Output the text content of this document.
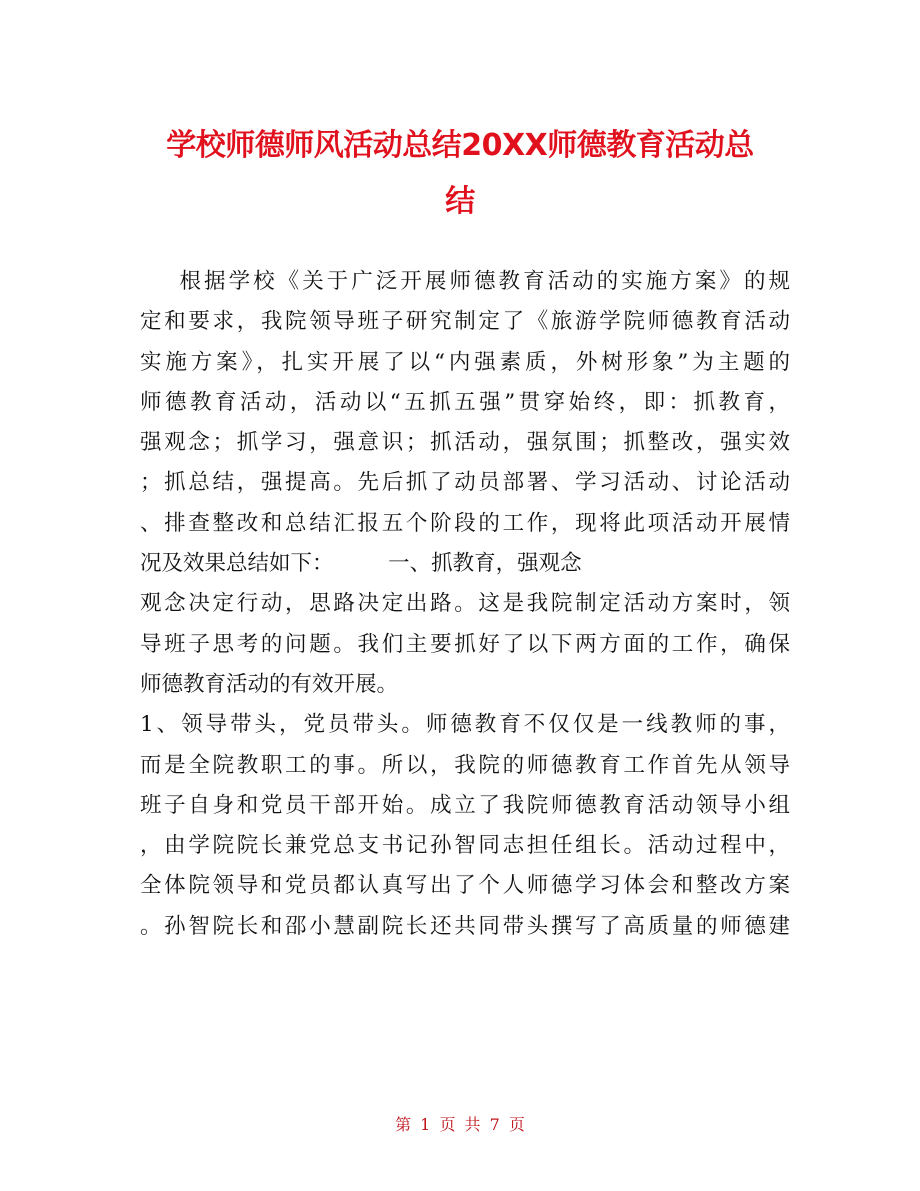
学校师德师风活动总结20XX师德教育活动总
结
根据学校《关于广泛开展师德教育活动的实施方案》的规
定和要求，我院领导班子研究制定了《旅游学院师德教育活动
实施方案》，扎实开展了以“内强素质，外树形象”为主题的
师德教育活动，活动以“五抓五强”贯穿始终，即：抓教育，
强观念；抓学习，强意识；抓活动，强氛围；抓整改，强实效
；抓总结，强提高。先后抓了动员部署、学习活动、讨论活动
、排查整改和总结汇报五个阶段的工作，现将此项活动开展情
况及效果总结如下：        一、抓教育，强观念
观念决定行动，思路决定出路。这是我院制定活动方案时，领
导班子思考的问题。我们主要抓好了以下两方面的工作，确保
师德教育活动的有效开展。
1、领导带头，党员带头。师德教育不仅仅是一线教师的事，
而是全院教职工的事。所以，我院的师德教育工作首先从领导
班子自身和党员干部开始。成立了我院师德教育活动领导小组
，由学院院长兼党总支书记孙智同志担任组长。活动过程中，
全体院领导和党员都认真写出了个人师德学习体会和整改方案
。孙智院长和邵小慧副院长还共同带头撰写了高质量的师德建
第 1 页 共 7 页
